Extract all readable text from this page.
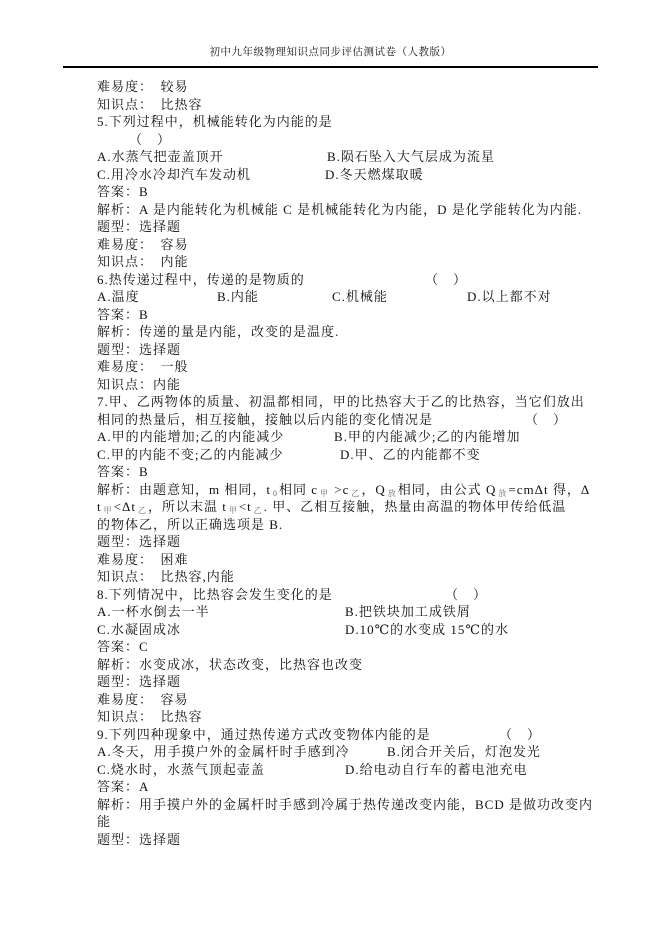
初中九年级物理知识点同步评估测试卷（人教版）
难易度：　较易
知识点：　比热容
5.下列过程中，机械能转化为内能的是
（　）
A.水蒸气把壶盖顶开	B.陨石坠入大气层成为流星
C.用冷水冷却汽车发动机	D.冬天燃煤取暖
答案：B
解析：A 是内能转化为机械能 C 是机械能转化为内能，D 是化学能转化为内能.
题型：选择题
难易度：　容易
知识点：　内能
6.热传递过程中，传递的是物质的	（　）
A.温度	B.内能	C.机械能	D.以上都不对
答案：B
解析：传递的量是内能，改变的是温度.
题型：选择题
难易度：　一般
知识点：内能
7.甲、乙两物体的质量、初温都相同，甲的比热容大于乙的比热容，当它们放出
相同的热量后，相互接触，接触以后内能的变化情况是	（　）
A.甲的内能增加;乙的内能减少	B.甲的内能减少;乙的内能增加
C.甲的内能不变;乙的内能减少	D.甲、乙的内能都不变
答案：B
解析：由题意知，m 相同，t $_0$ 相同 c $_甲$ >c $_乙$ ，Q $_放$ 相同，由公式 Q $_放$ =cmΔt 得，Δ
t $_甲$ <Δt $_乙$ ，所以末温 t $_甲$ <t $_乙$ . 甲、乙相互接触，热量由高温的物体甲传给低温
的物体乙，所以正确选项是 B.
题型：选择题
难易度：　困难
知识点：　比热容,内能
8.下列情况中，比热容会发生变化的是	（　）
A.一杯水倒去一半	B.把铁块加工成铁屑
C.水凝固成冰	D.10℃的水变成 15℃的水
答案：C
解析：水变成冰，状态改变，比热容也改变
题型：选择题
难易度：　容易
知识点：　比热容
9.下列四种现象中，通过热传递方式改变物体内能的是	（　）
A.冬天，用手摸户外的金属杆时手感到冷	B.闭合开关后，灯泡发光
C.烧水时，水蒸气顶起壶盖	D.给电动自行车的蓄电池充电
答案：A
解析：用手摸户外的金属杆时手感到冷属于热传递改变内能，BCD 是做功改变内
能
题型：选择题
